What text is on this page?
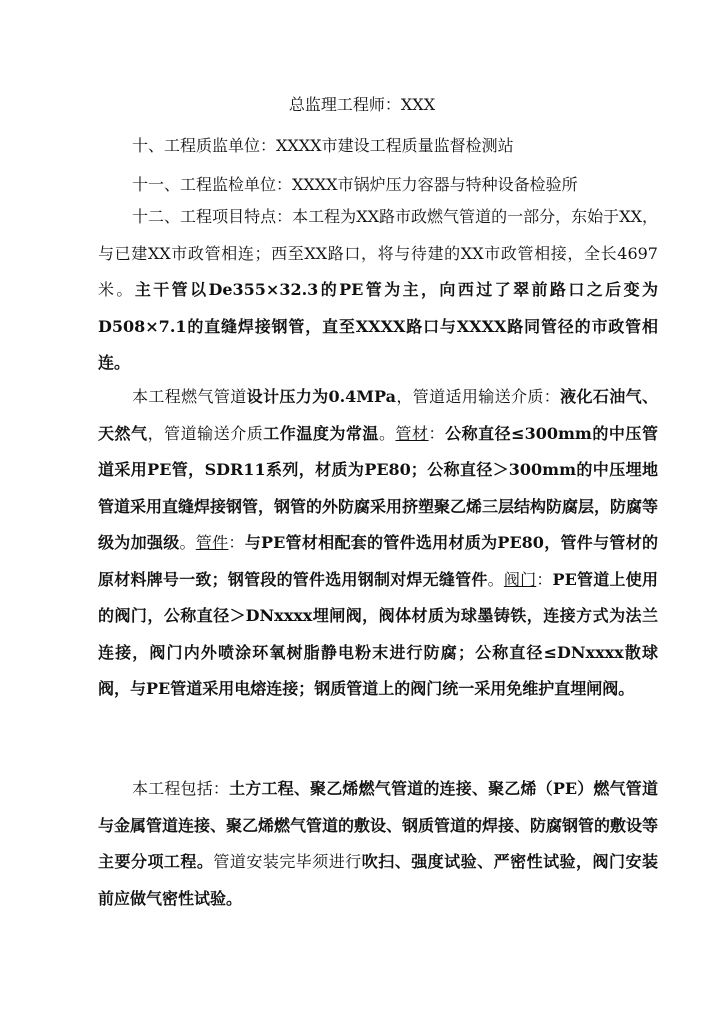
总监理工程师：XXX
十、工程质监单位：XXXX市建设工程质量监督检测站
十一、工程监检单位：XXXX市锅炉压力容器与特种设备检验所

十二、工程项目特点：本工程为XX路市政燃气管道的一部分，东始于XX，与已建XX市政管相连；西至XX路口，将与待建的XX市政管相接，全长4697米。主干管以De355×32.3的PE管为主，向西过了翠前路口之后变为D508×7.1的直缝焊接钢管，直至XXXX路口与XXXX路同管径的市政管相连。

本工程燃气管道设计压力为0.4MPa，管道适用输送介质：液化石油气、天然气，管道输送介质工作温度为常温。管材：公称直径≤300mm的中压管道采用PE管，SDR11系列，材质为PE80；公称直径＞300mm的中压埋地管道采用直缝焊接钢管，钢管的外防腐采用挤塑聚乙烯三层结构防腐层，防腐等级为加强级。管件：与PE管材相配套的管件选用材质为PE80，管件与管材的原材料牌号一致；钢管段的管件选用钢制对焊无缝管件。阀门：PE管道上使用的阀门，公称直径＞DNxxxx埋闸阀，阀体材质为球墨铸铁，连接方式为法兰连接，阀门内外喷涂环氧树脂静电粉末进行防腐；公称直径≤DNxxxx散球阀，与PE管道采用电熔连接；钢质管道上的阀门统一采用免维护直埋闸阀。

本工程包括：土方工程、聚乙烯燃气管道的连接、聚乙烯（PE）燃气管道与金属管道连接、聚乙烯燃气管道的敷设、钢质管道的焊接、防腐钢管的敷设等主要分项工程。管道安装完毕须进行吹扫、强度试验、严密性试验，阀门安装前应做气密性试验。
